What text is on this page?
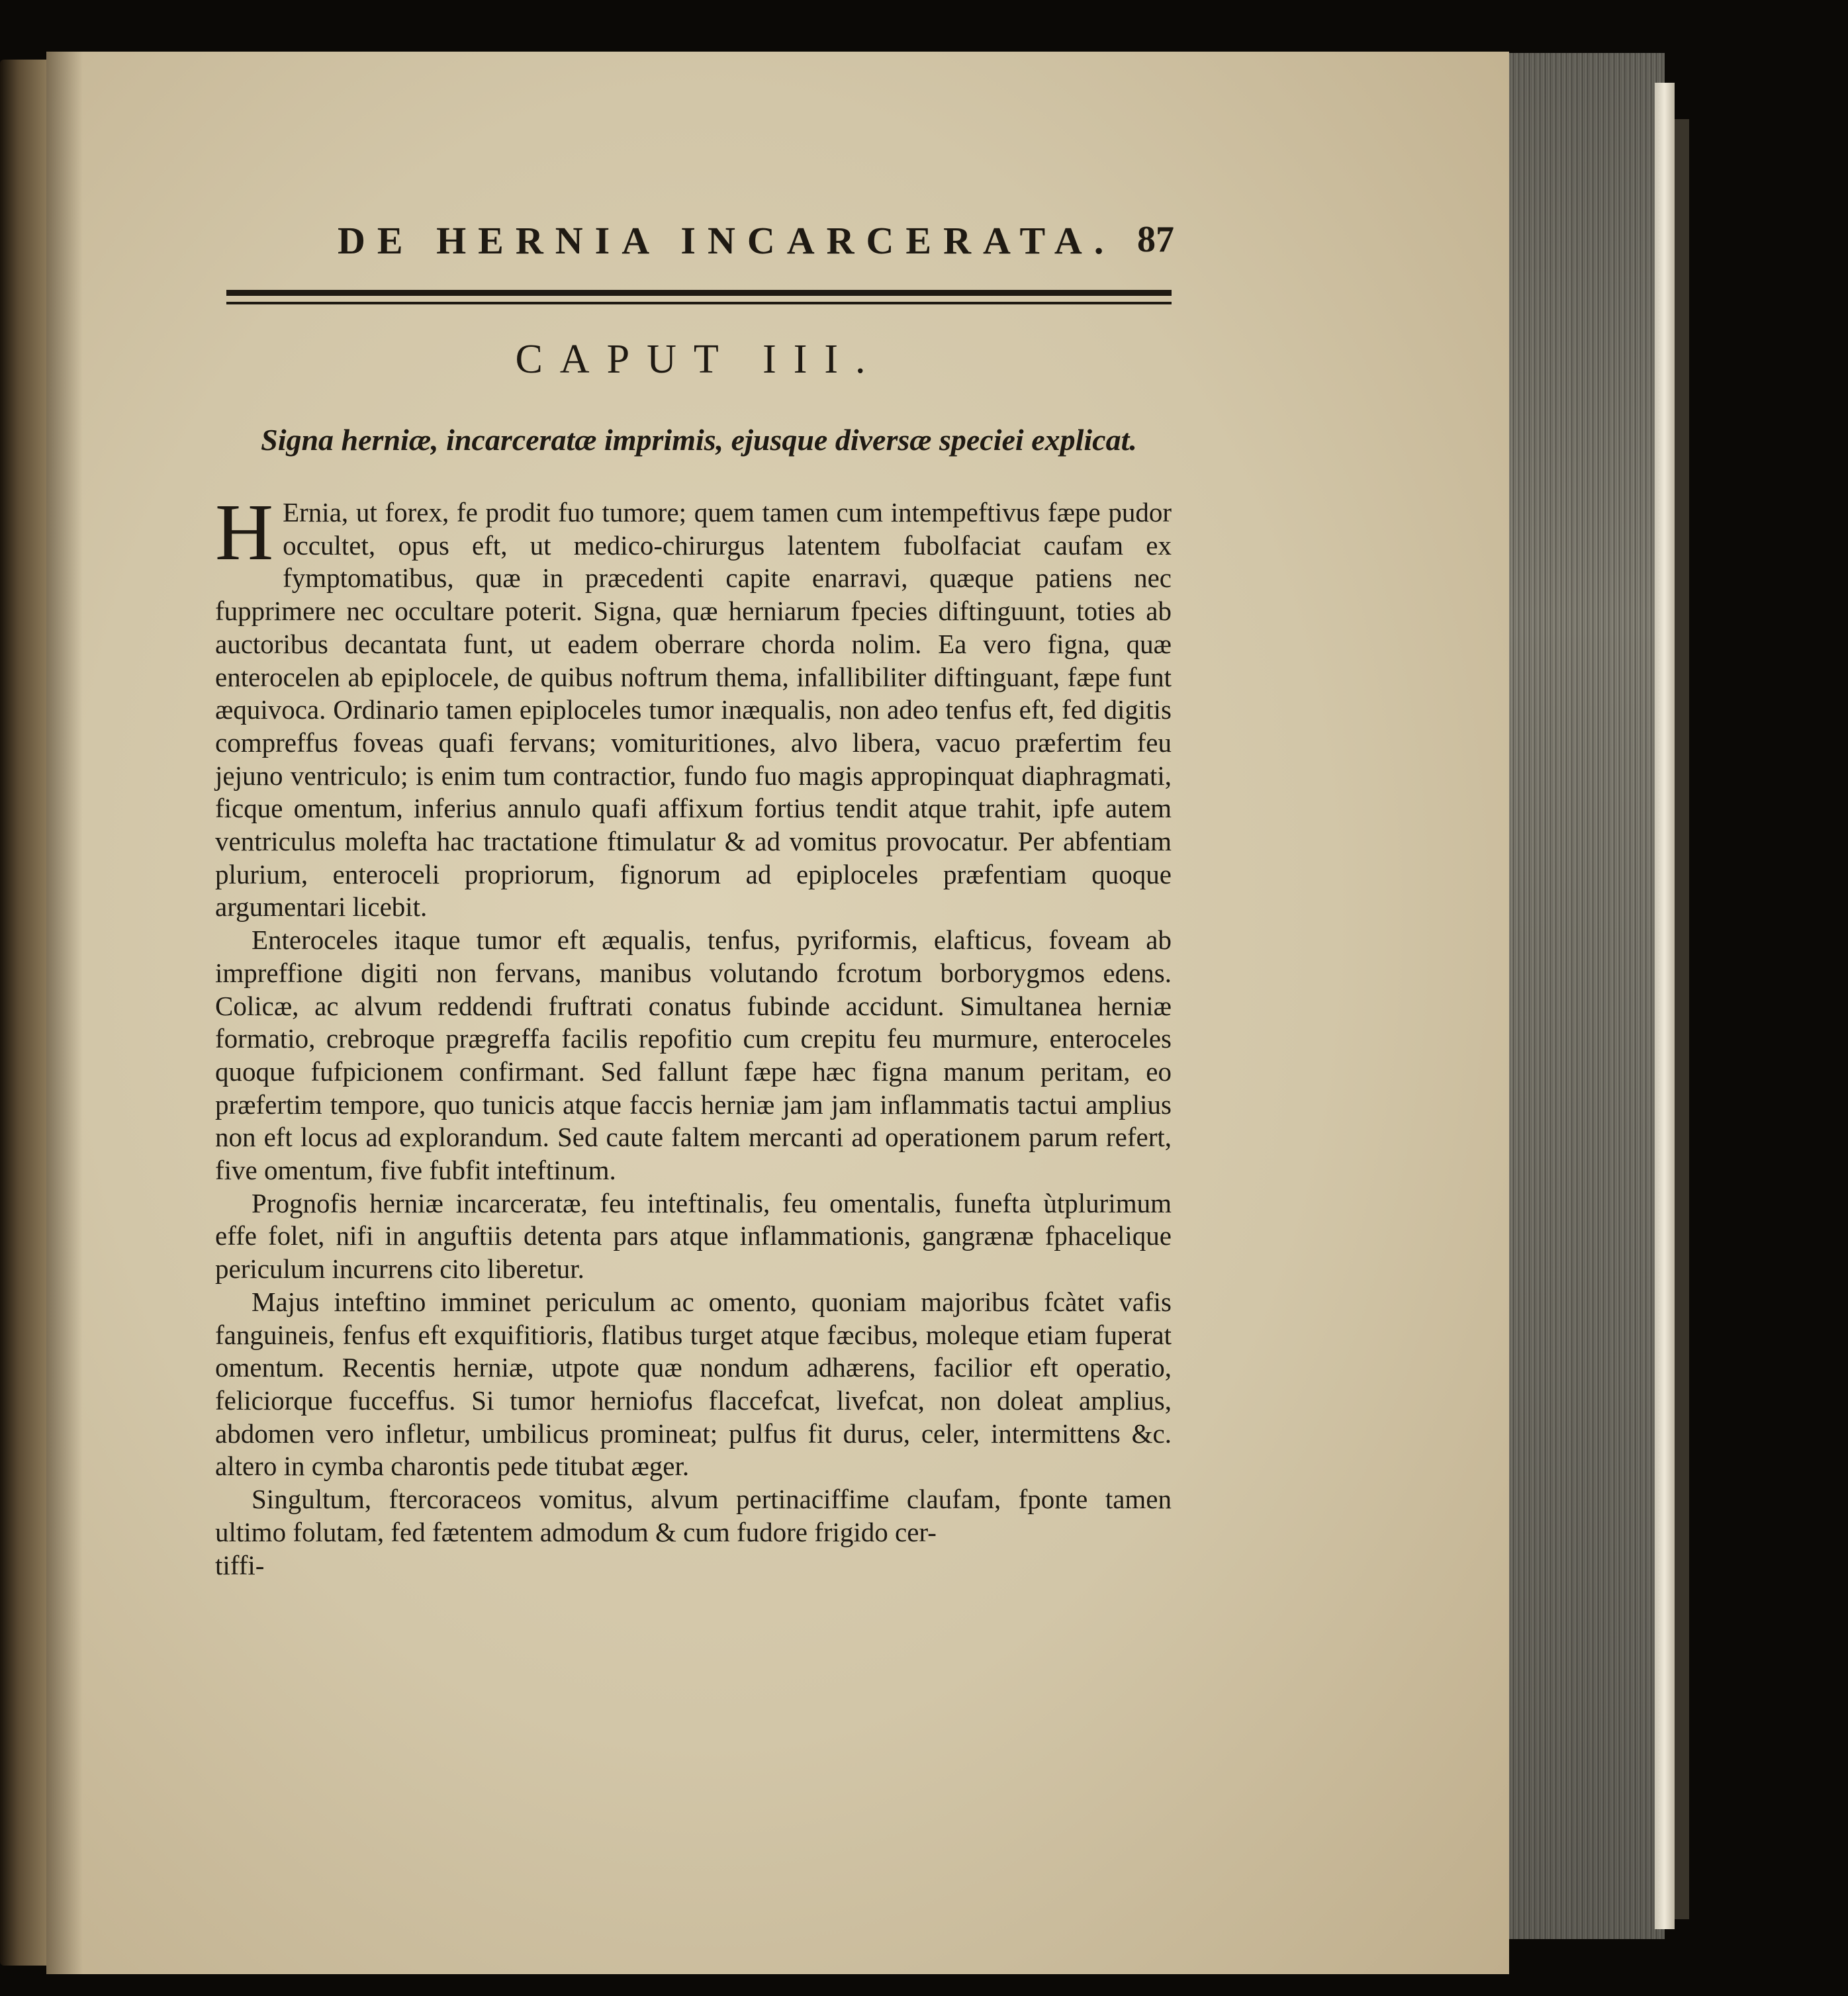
DE HERNIA INCARCERATA. 87
CAPUT III.
Signa herniæ, incarceratæ imprimis, ejusque diversæ speciei explicat.

H Ernia, ut forex, fe prodit fuo tumore; quem tamen cum intempeftivus fæpe pudor occultet, opus eft, ut medico-chirurgus latentem fubolfaciat caufam ex fymptomatibus, quæ in præcedenti capite enarravi, quæque patiens nec fupprimere nec occultare poterit. Signa, quæ herniarum fpecies diftinguunt, toties ab auctoribus decantata funt, ut eadem oberrare chorda nolim. Ea vero figna, quæ enterocelen ab epiplocele, de quibus noftrum thema, infallibiliter diftinguant, fæpe funt æquivoca. Ordinario tamen epiploceles tumor inæqualis, non adeo tenfus eft, fed digitis compreffus foveas quafi fervans; vomituritiones, alvo libera, vacuo præfertim feu jejuno ventriculo; is enim tum contractior, fundo fuo magis appropinquat diaphragmati, ficque omentum, inferius annulo quafi affixum fortius tendit atque trahit, ipfe autem ventriculus molefta hac tractatione ftimulatur & ad vomitus provocatur. Per abfentiam plurium, enteroceli propriorum, fignorum ad epiploceles præfentiam quoque argumentari licebit.

Enteroceles itaque tumor eft æqualis, tenfus, pyriformis, elafticus, foveam ab impreffione digiti non fervans, manibus volutando fcrotum borborygmos edens. Colicæ, ac alvum reddendi fruftrati conatus fubinde accidunt. Simultanea herniæ formatio, crebroque prægreffa facilis repofitio cum crepitu feu murmure, enteroceles quoque fufpicionem confirmant. Sed fallunt fæpe hæc figna manum peritam, eo præfertim tempore, quo tunicis atque faccis herniæ jam jam inflammatis tactui amplius non eft locus ad explorandum. Sed caute faltem mercanti ad operationem parum refert, five omentum, five fubfit inteftinum.

Prognofis herniæ incarceratæ, feu inteftinalis, feu omentalis, funefta ùtplurimum effe folet, nifi in anguftiis detenta pars atque inflammationis, gangrænæ fphacelique periculum incurrens cito liberetur.

Majus inteftino imminet periculum ac omento, quoniam majoribus fcàtet vafis fanguineis, fenfus eft exquifitioris, flatibus turget atque fæcibus, moleque etiam fuperat omentum. Recentis herniæ, utpote quæ nondum adhærens, facilior eft operatio, feliciorque fucceffus. Si tumor herniofus flaccefcat, livefcat, non doleat amplius, abdomen vero infletur, umbilicus promineat; pulfus fit durus, celer, intermittens &c. altero in cymba charontis pede titubat æger.

Singultum, ftercoraceos vomitus, alvum pertinaciffime claufam, fponte tamen ultimo folutam, fed fætentem admodum & cum fudore frigido cer-

tiffi-
